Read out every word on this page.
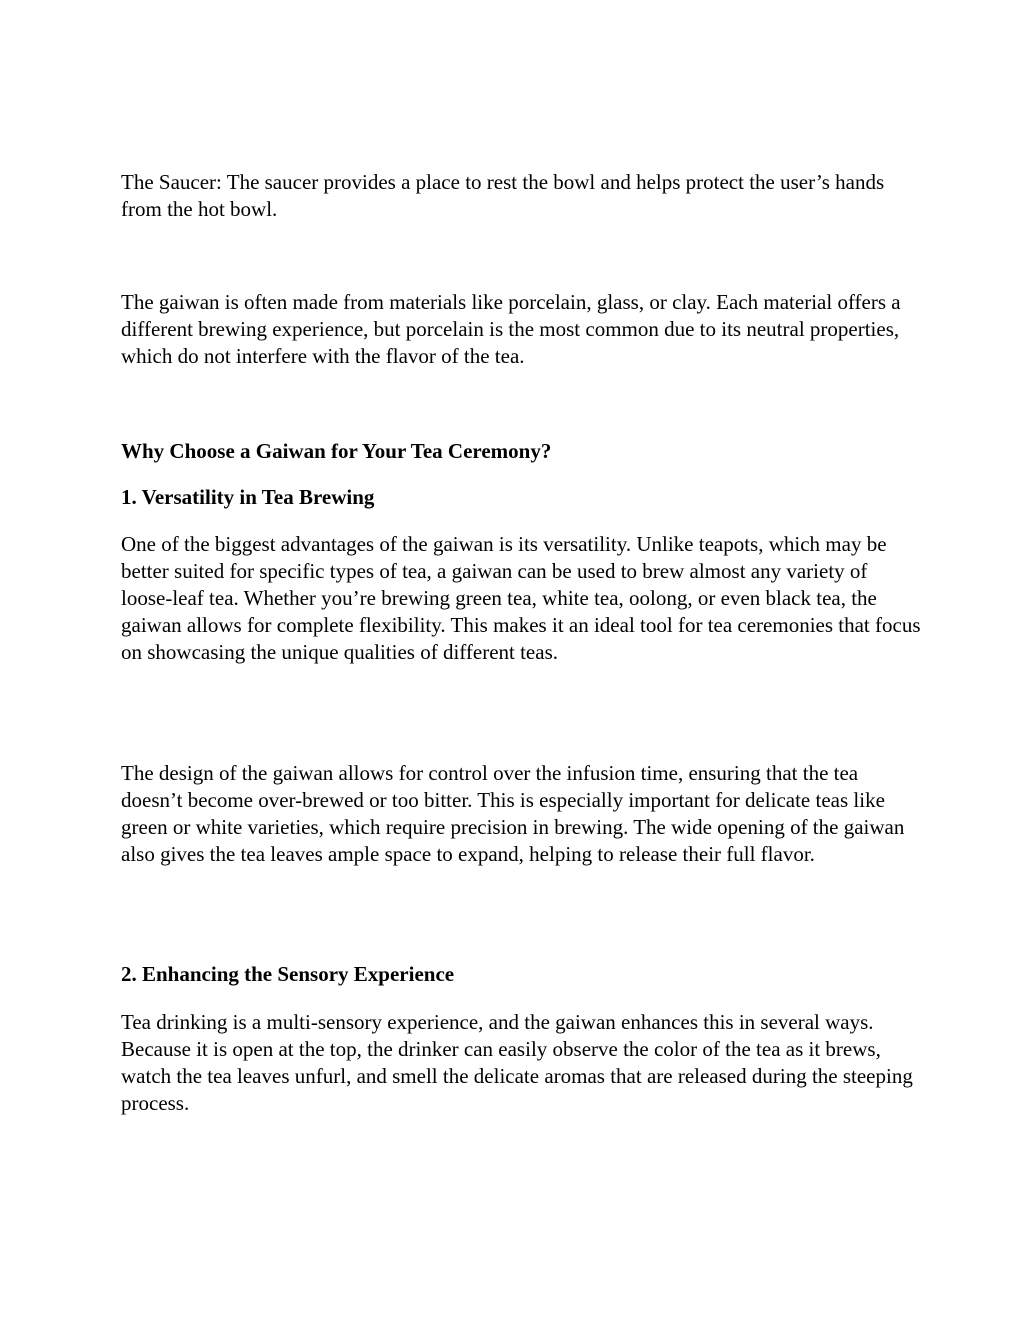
The Saucer: The saucer provides a place to rest the bowl and helps protect the user’s hands from the hot bowl.

The gaiwan is often made from materials like porcelain, glass, or clay. Each material offers a different brewing experience, but porcelain is the most common due to its neutral properties, which do not interfere with the flavor of the tea.

Why Choose a Gaiwan for Your Tea Ceremony?
1. Versatility in Tea Brewing

One of the biggest advantages of the gaiwan is its versatility. Unlike teapots, which may be better suited for specific types of tea, a gaiwan can be used to brew almost any variety of loose-leaf tea. Whether you’re brewing green tea, white tea, oolong, or even black tea, the gaiwan allows for complete flexibility. This makes it an ideal tool for tea ceremonies that focus on showcasing the unique qualities of different teas.

The design of the gaiwan allows for control over the infusion time, ensuring that the tea doesn’t become over-brewed or too bitter. This is especially important for delicate teas like green or white varieties, which require precision in brewing. The wide opening of the gaiwan also gives the tea leaves ample space to expand, helping to release their full flavor.

2. Enhancing the Sensory Experience

Tea drinking is a multi-sensory experience, and the gaiwan enhances this in several ways. Because it is open at the top, the drinker can easily observe the color of the tea as it brews, watch the tea leaves unfurl, and smell the delicate aromas that are released during the steeping process.
